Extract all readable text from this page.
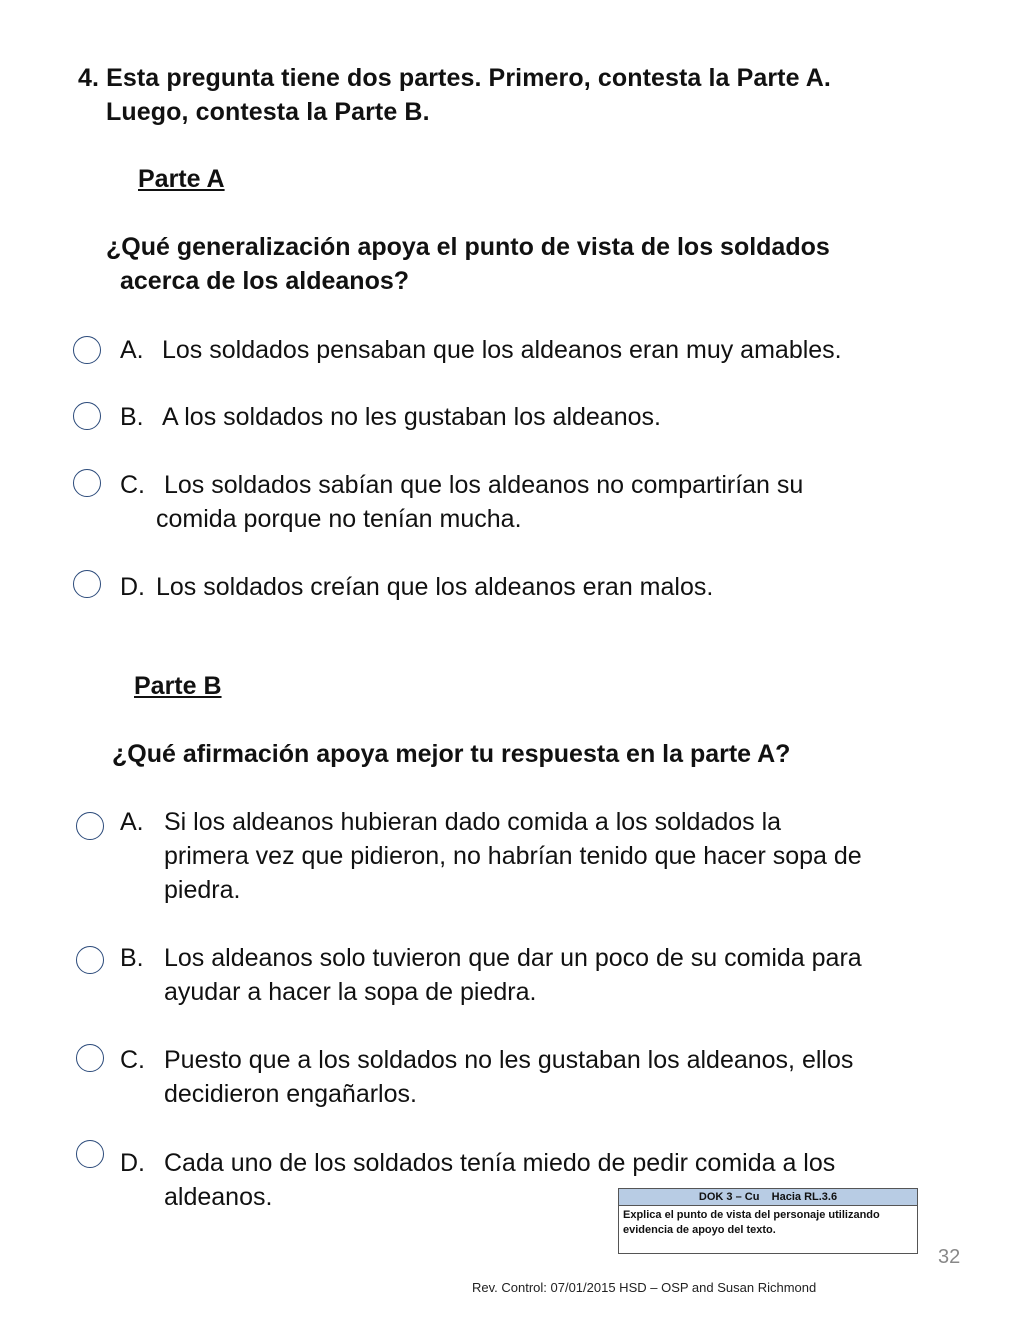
4. Esta pregunta tiene dos partes. Primero, contesta la Parte A.
Luego, contesta la Parte B.
Parte A
¿Qué generalización apoya el punto de vista de los soldados
acerca de los aldeanos?
A. Los soldados pensaban que los aldeanos eran muy amables.
B. A los soldados no les gustaban los aldeanos.
C. Los soldados sabían que los aldeanos no compartirían su
comida porque no tenían mucha.
D. Los soldados creían que los aldeanos eran malos.
Parte B
¿Qué afirmación apoya mejor tu respuesta en la parte A?
A. Si los aldeanos hubieran dado comida a los soldados la
primera vez que pidieron, no habrían tenido que hacer sopa de
piedra.
B. Los aldeanos solo tuvieron que dar un poco de su comida para
ayudar a hacer la sopa de piedra.
C. Puesto que a los soldados no les gustaban los aldeanos, ellos
decidieron engañarlos.
D. Cada uno de los soldados tenía miedo de pedir comida a los
aldeanos.	DOK 3 – Cu    Hacia RL.3.6
Explica el punto de vista del personaje utilizando
evidencia de apoyo del texto.
32
Rev. Control: 07/01/2015 HSD – OSP and Susan Richmond
